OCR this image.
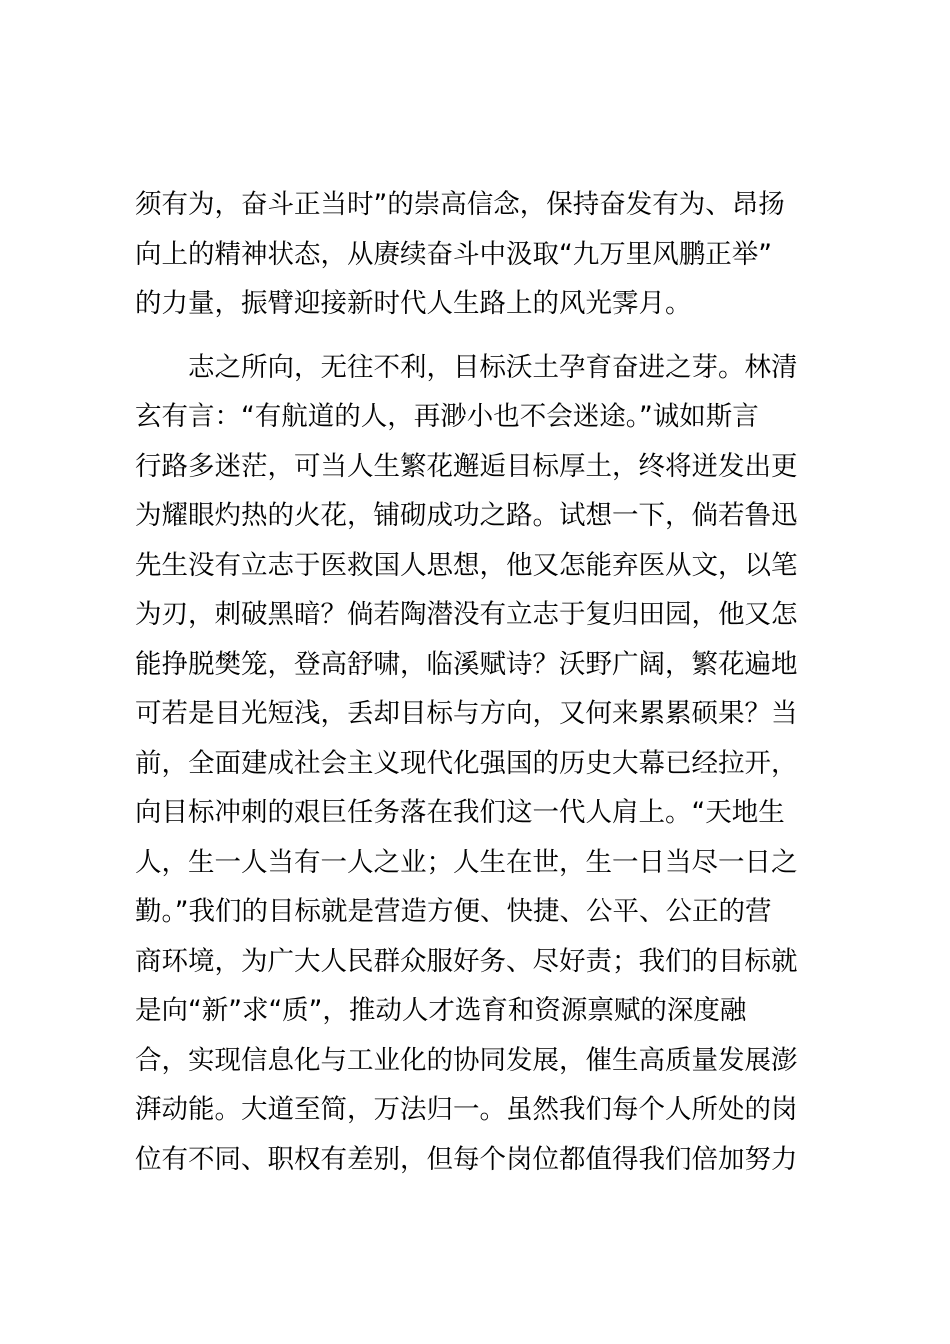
须有为，奋斗正当时”的崇高信念，保持奋发有为、昂扬
向上的精神状态，从赓续奋斗中汲取“九万里风鹏正举”
的力量，振臂迎接新时代人生路上的风光霁月。
志之所向，无往不利，目标沃土孕育奋进之芽。林清
玄有言：“有航道的人，再渺小也不会迷途。”诚如斯言
行路多迷茫，可当人生繁花邂逅目标厚土，终将迸发出更
为耀眼灼热的火花，铺砌成功之路。试想一下，倘若鲁迅
先生没有立志于医救国人思想，他又怎能弃医从文，以笔
为刃，刺破黑暗？倘若陶潜没有立志于复归田园，他又怎
能挣脱樊笼，登高舒啸，临溪赋诗？沃野广阔，繁花遍地
可若是目光短浅，丢却目标与方向，又何来累累硕果？当
前，全面建成社会主义现代化强国的历史大幕已经拉开，
向目标冲刺的艰巨任务落在我们这一代人肩上。“天地生
人，生一人当有一人之业；人生在世，生一日当尽一日之
勤。”我们的目标就是营造方便、快捷、公平、公正的营
商环境，为广大人民群众服好务、尽好责；我们的目标就
是向“新”求“质”，推动人才选育和资源禀赋的深度融
合，实现信息化与工业化的协同发展，催生高质量发展澎
湃动能。大道至简，万法归一。虽然我们每个人所处的岗
位有不同、职权有差别，但每个岗位都值得我们倍加努力
